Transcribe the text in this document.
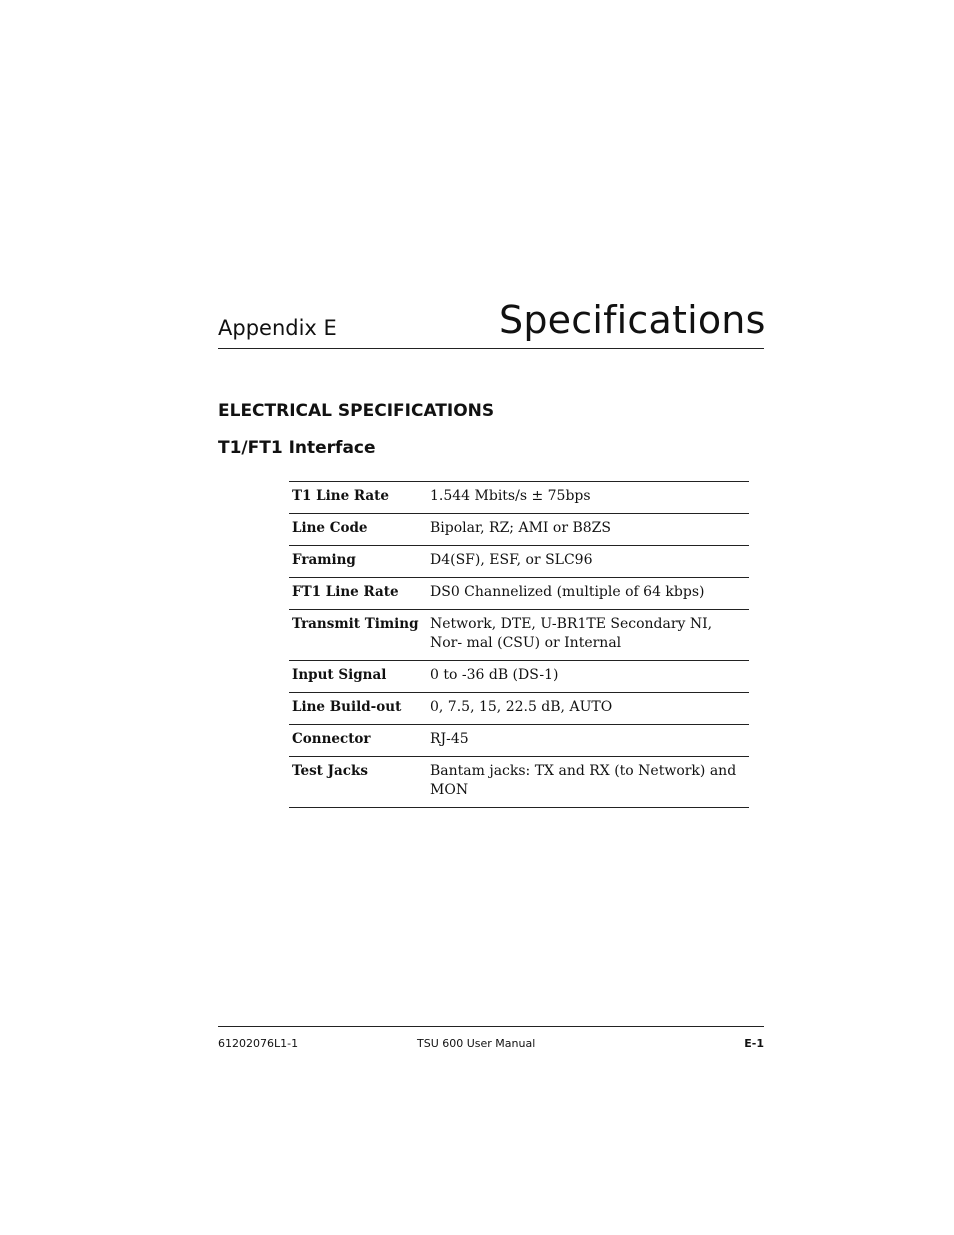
Appendix E	Specifications
ELECTRICAL SPECIFICATIONS
T1/FT1 Interface
T1 Line Rate	1.544 Mbits/s ± 75bps
Line Code	Bipolar, RZ; AMI or B8ZS
Framing	D4(SF), ESF, or SLC96
FT1 Line Rate	DS0 Channelized (multiple of 64 kbps)
Transmit Timing	Network, DTE, U-BR1TE Secondary NI, Nor- mal (CSU) or Internal
Input Signal	0 to -36 dB (DS-1)
Line Build-out	0, 7.5, 15, 22.5 dB, AUTO
Connector	RJ-45
Test Jacks	Bantam jacks: TX and RX (to Network) and MON
61202076L1-1	TSU 600 User Manual	E-1
